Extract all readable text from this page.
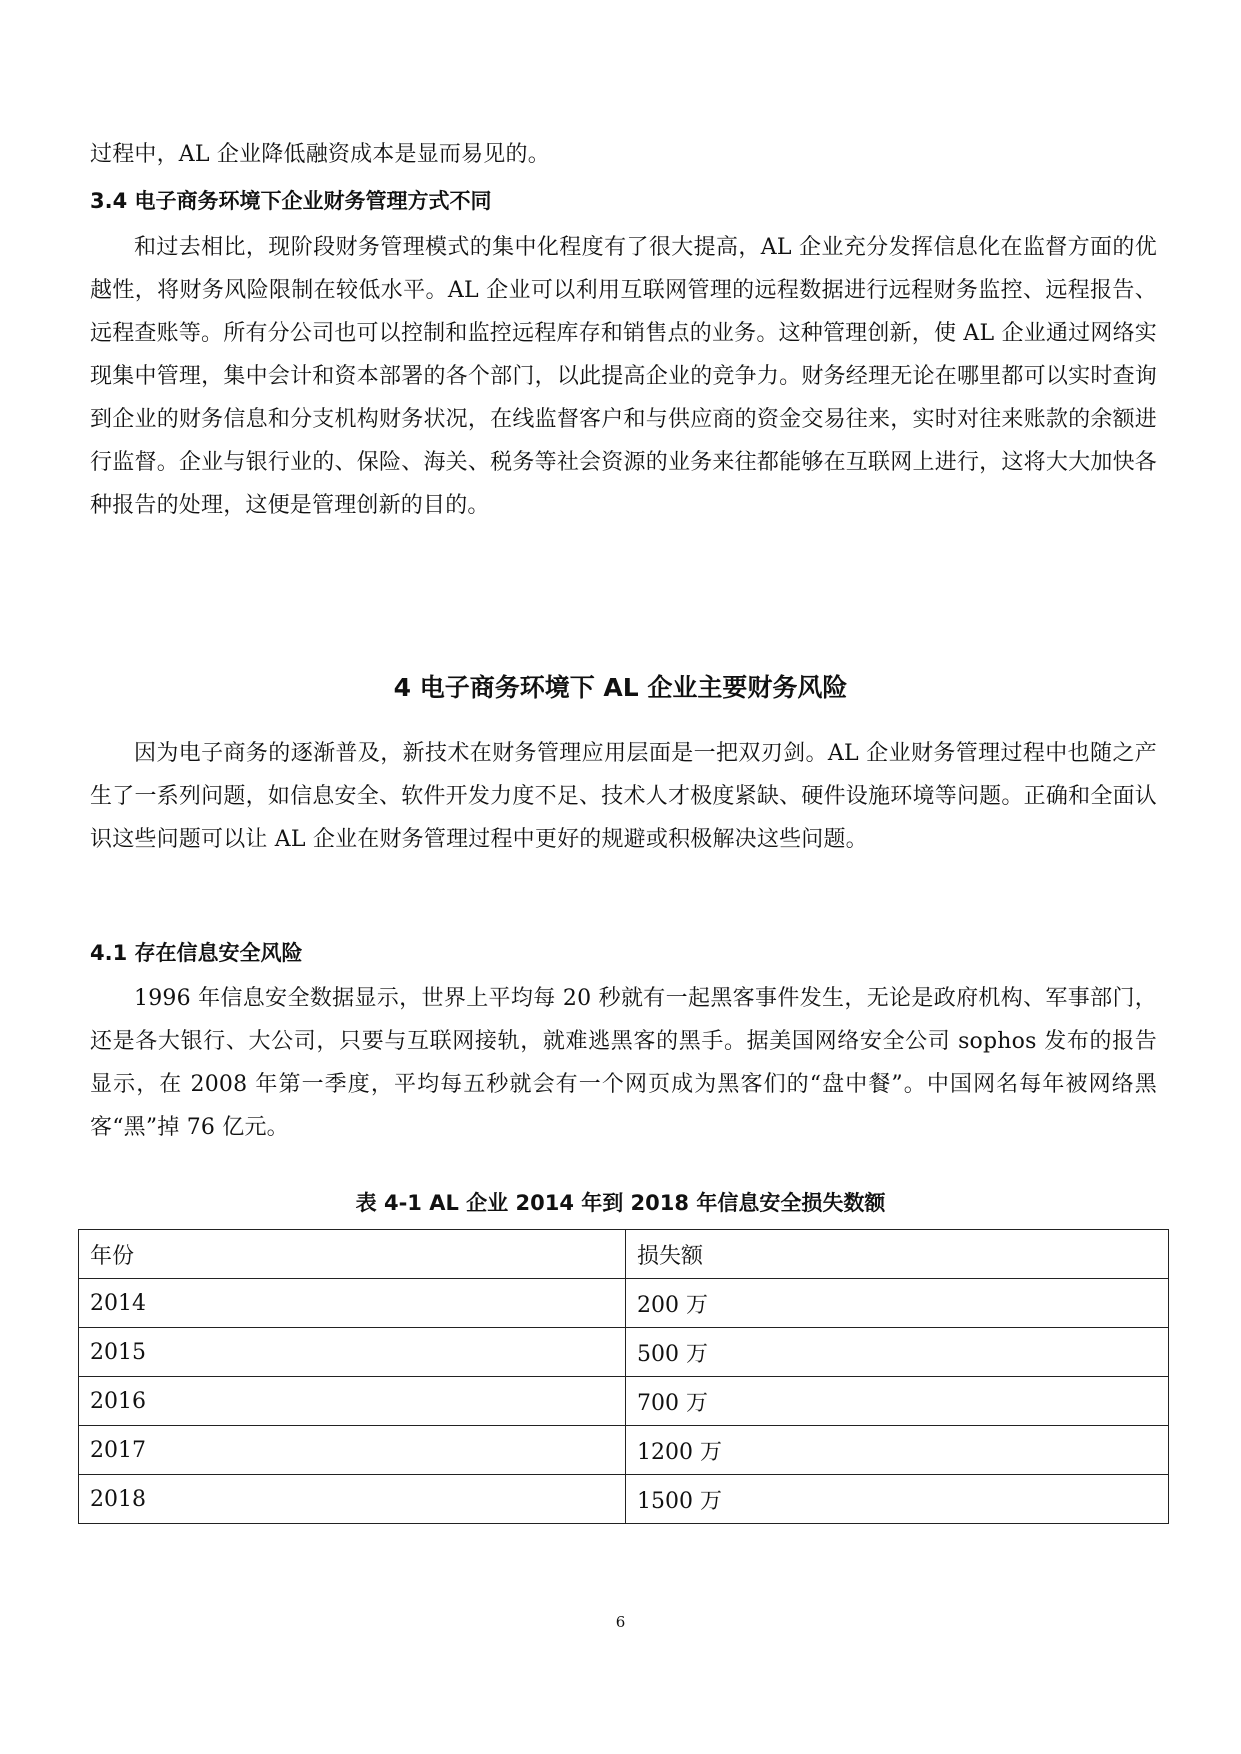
过程中，AL 企业降低融资成本是显而易见的。
3.4 电子商务环境下企业财务管理方式不同
和过去相比，现阶段财务管理模式的集中化程度有了很大提高，AL 企业充分发挥信息化在监督方面的优越性，将财务风险限制在较低水平。AL 企业可以利用互联网管理的远程数据进行远程财务监控、远程报告、远程查账等。所有分公司也可以控制和监控远程库存和销售点的业务。这种管理创新，使 AL 企业通过网络实现集中管理，集中会计和资本部署的各个部门，以此提高企业的竞争力。财务经理无论在哪里都可以实时查询到企业的财务信息和分支机构财务状况，在线监督客户和与供应商的资金交易往来，实时对往来账款的余额进行监督。企业与银行业的、保险、海关、税务等社会资源的业务来往都能够在互联网上进行，这将大大加快各种报告的处理，这便是管理创新的目的。
4 电子商务环境下 AL 企业主要财务风险
因为电子商务的逐渐普及，新技术在财务管理应用层面是一把双刃剑。AL 企业财务管理过程中也随之产生了一系列问题，如信息安全、软件开发力度不足、技术人才极度紧缺、硬件设施环境等问题。正确和全面认识这些问题可以让 AL 企业在财务管理过程中更好的规避或积极解决这些问题。
4.1 存在信息安全风险
1996 年信息安全数据显示，世界上平均每 20 秒就有一起黑客事件发生，无论是政府机构、军事部门，还是各大银行、大公司，只要与互联网接轨，就难逃黑客的黑手。据美国网络安全公司 sophos 发布的报告显示，在 2008 年第一季度，平均每五秒就会有一个网页成为黑客们的“盘中餐”。中国网名每年被网络黑客“黑”掉 76 亿元。
表 4-1 AL 企业 2014 年到 2018 年信息安全损失数额
年份	损失额
2014	200 万
2015	500 万
2016	700 万
2017	1200 万
2018	1500 万
6
